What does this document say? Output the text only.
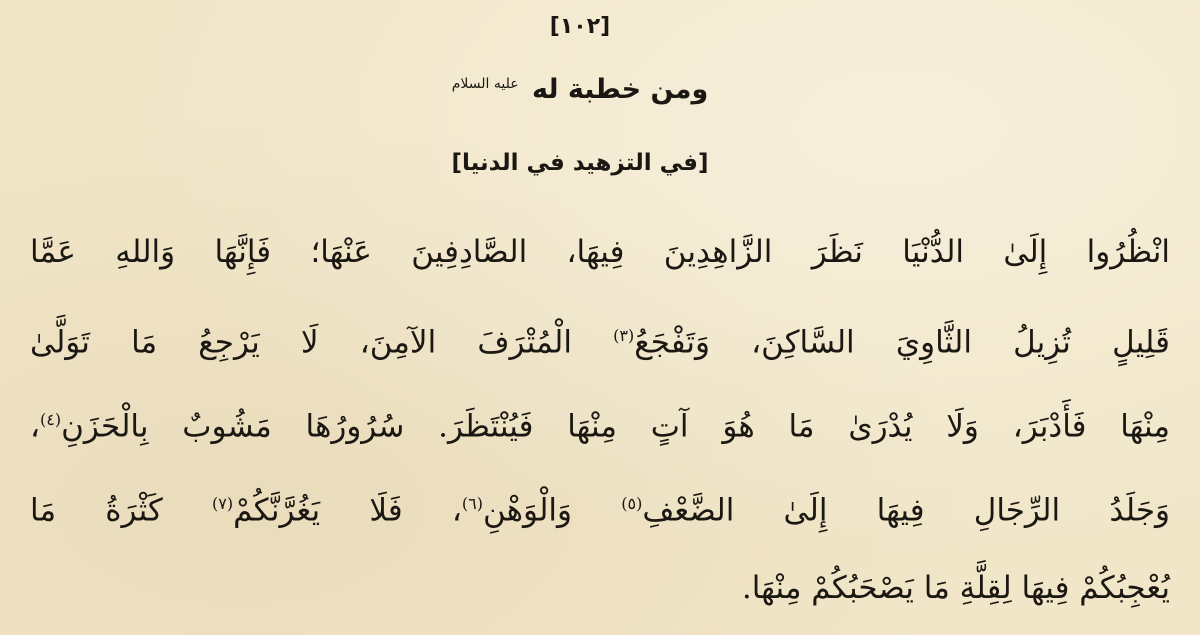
[١٠٢]
ومن خطبة له $^{عليه السلام}$
[في التزهيد في الدنيا]
انْظُرُوا إِلَىٰ الدُّنْيَا نَظَرَ الزَّاهِدِينَ فِيهَا، الصَّادِفِينَ عَنْهَا؛ فَإِنَّهَا وَاللهِ عَمَّا
قَلِيلٍ تُزِيلُ الثَّاوِيَ السَّاكِنَ، وَتَفْجَعُ$^{(٣)}$ الْمُتْرَفَ الآمِنَ، لَا يَرْجِعُ مَا تَوَلَّىٰ
مِنْهَا فَأَدْبَرَ، وَلَا يُدْرَىٰ مَا هُوَ آتٍ مِنْهَا فَيُنْتَظَرَ. سُرُورُهَا مَشُوبٌ بِالْحَزَنِ$^{(٤)}$،
وَجَلَدُ الرِّجَالِ فِيهَا إِلَىٰ الضَّعْفِ$^{(٥)}$ وَالْوَهْنِ$^{(٦)}$، فَلَا يَغُرَّنَّكُمْ$^{(٧)}$ كَثْرَةُ مَا
يُعْجِبُكُمْ فِيهَا لِقِلَّةِ مَا يَصْحَبُكُمْ مِنْهَا.
